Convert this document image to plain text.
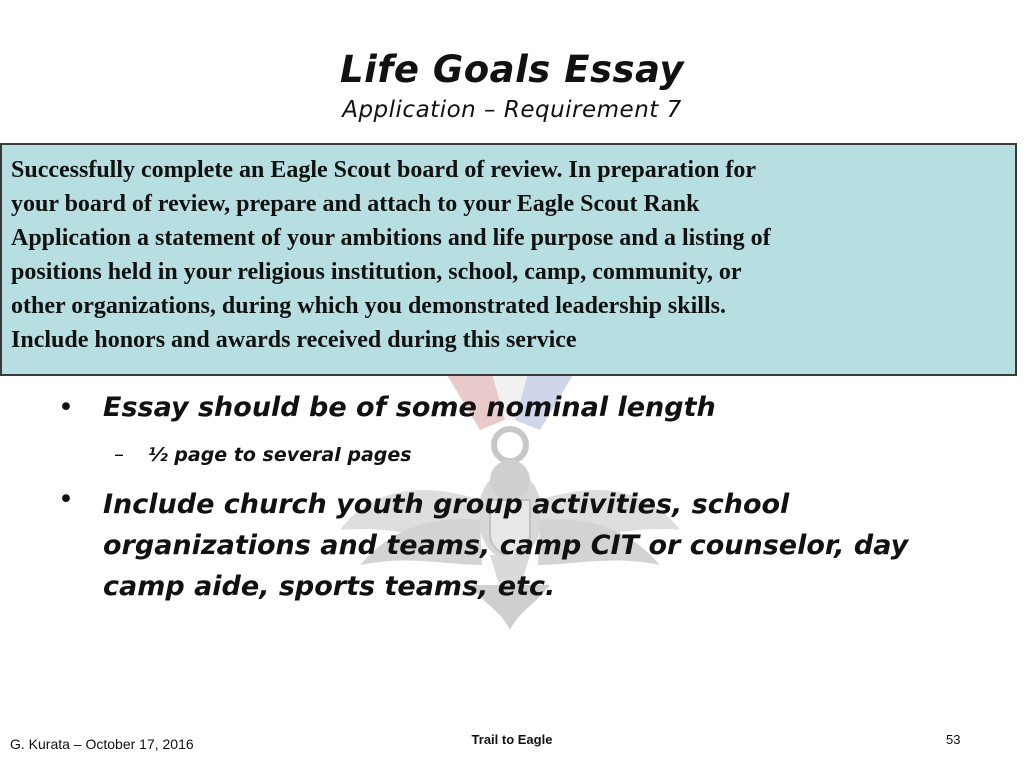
Life Goals Essay
Application – Requirement 7
Successfully complete an Eagle Scout board of review. In preparation for
your board of review, prepare and attach to your Eagle Scout Rank
Application a statement of your ambitions and life purpose and a listing of
positions held in your religious institution, school, camp, community, or
other organizations, during which you demonstrated leadership skills.
Include honors and awards received during this service
• Essay should be of some nominal length
– ½ page to several pages
• Include church youth group activities, school organizations and teams, camp CIT or counselor, day camp aide, sports teams, etc.
G. Kurata – October 17, 2016	Trail to Eagle	53
